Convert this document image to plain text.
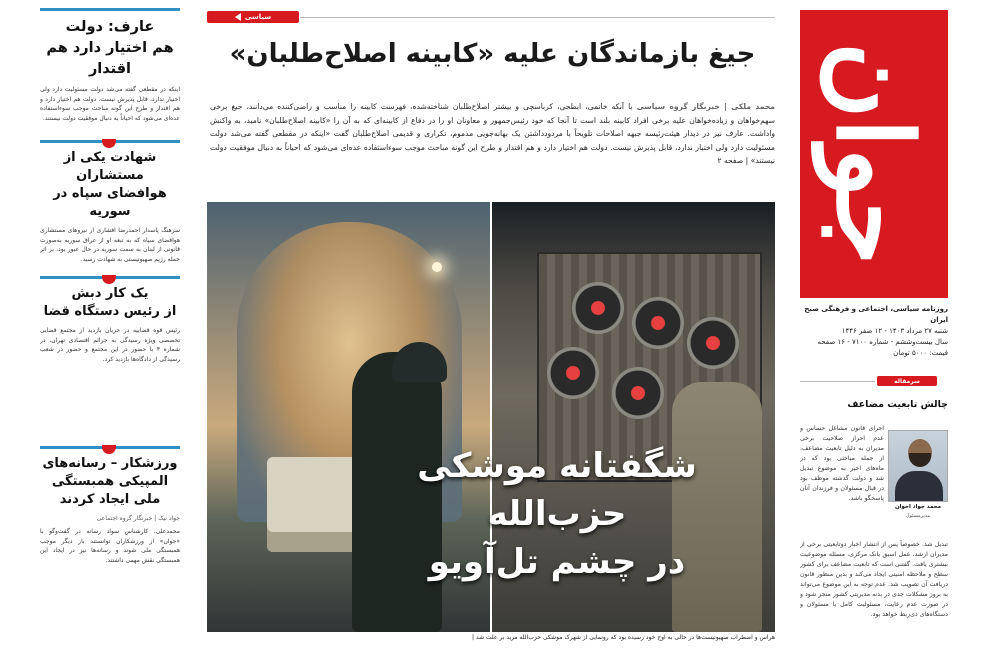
عارف: دولت
هم اختیار دارد هم اقتدار
اینکه در مقطعی گفته می‌شد دولت مسئولیت دارد ولی اختیار ندارد، قابل پذیرش نیست. دولت هم اختیار دارد و هم اقتدار و طرح این گونه مباحث موجب سوءاستفاده عده‌ای می‌شود که احیاناً به دنبال موفقیت دولت نیستند.
شهادت یکی از مستشاران
هوافضای سپاه در سوریه
سرهنگ پاسدار احمدرضا افشاری از نیروهای مستشاری هوافضای سپاه که به تبعه او از عراق سوریه به‌صورت قانونی از لبنان به سمت سوریه در حال عبور بود، بر اثر حمله رژیم صهیونیستی به شهادت رسید.
یک کار دبش
از رئیس دستگاه قضا
رئیس قوه قضاییه در جریان بازدید از مجتمع قضایی تخصصی ویژه رسیدگی به جرائم اقتصادی تهران، در شماره ۴ با حضور در این مجتمع و حضور در شعب رسیدگی از دادگاه‌ها بازدید کرد.
ورزشکار – رسانه‌های
المپیکی همبستگی
ملی ایجاد کردند
جواد نیک | خبرنگار گروه اجتماعی
محمدعلی، کارشناس سواد رسانه در گفت‌وگو با «جوان» از ورزشکاران توانستند بار دیگر موجب همبستگی ملی شوند و رسانه‌ها نیز در ایجاد این همبستگی نقش مهمی داشتند.
سیاسی
جیغ بازماندگان علیه «کابینه اصلاح‌طلبان»
محمد ملکی | خبرنگار گروه سیاسی با آنکه خاتمی، ابطحی، کرباسچی و بیشتر اصلاح‌طلبان شناخته‌شده، فهرست کابینه را مناسب و راضی‌کننده می‌دانند، جیغ برخی سهم‌خواهان و زیاده‌خواهان علیه برخی افراد کابینه بلند است تا آنجا که خود رئیس‌جمهور و معاونان او را در دفاع از کابینه‌ای که به آن را «کابینه اصلاح‌طلبان» نامید، به واکنش واداشت. عارف نیز در دیدار هیئت‌رئیسه جبهه اصلاحات تلویحاً با مردودداشتن یک بهانه‌جویی مذموم، تکراری و قدیمی اصلاح‌طلبان گفت «اینکه در مقطعی گفته می‌شد دولت مسئولیت دارد ولی اختیار ندارد، قابل پذیرش نیست. دولت هم اختیار دارد و هم اقتدار و طرح این گونه مباحث موجب سوءاستفاده عده‌ای می‌شود که احیاناً به دنبال موفقیت دولت نیستند» | صفحه ۲
شگفتانه موشکی
حزب‌الله
در چشم تل‌آویو
هراس و اضطراب صهیونیست‌ها در حالی به اوج خود رسیده بود که رونمایی از شهرک موشکی حزب‌الله مزید بر علت شد |
جوان
روزنامه سیاسی، اجتماعی و فرهنگی صبح ایران
شنبه ۲۷ مرداد ۱۴۰۳ - ۱۲ صفر ۱۴۴۶
سال بیست‌وششم - شماره ۷۱۰۰ - ۱۶ صفحه
قیمت: ۵۰۰۰ تومان
سرمقاله
چالش تابعیت مضاعف
محمد جواد اخوان
مدیرمسئول
اجرای قانون مشاغل حساس و عدم احراز صلاحیت برخی مدیران به دلیل تابعیت مضاعف، از جمله مباحثی بود که در ماه‌های اخیر به موضوع تبدیل شد و دولت گذشته موظف بود در قبال مسئولان و فرزندان آنان پاسخگو باشد.
تبدیل شد. خصوصاً پس از انتشار اخبار دوتابعیتی برخی از مدیران ارشد، عمل اسبق بانک مرکزی، مسئله موضوعیت بیشتری یافت. گفتنی است که تابعیت مضاعف برای کشور سطح و ملاحظه امنیتی ایجاد می‌کند و بدین منظور قانون دریافت آن تصویب شد. عدم توجه به این موضوع می‌تواند به بروز مشکلات جدی در بدنه مدیریتی کشور منجر شود و در صورت عدم رعایت، مسئولیت کامل با مسئولان و دستگاه‌های ذی‌ربط خواهد بود.
